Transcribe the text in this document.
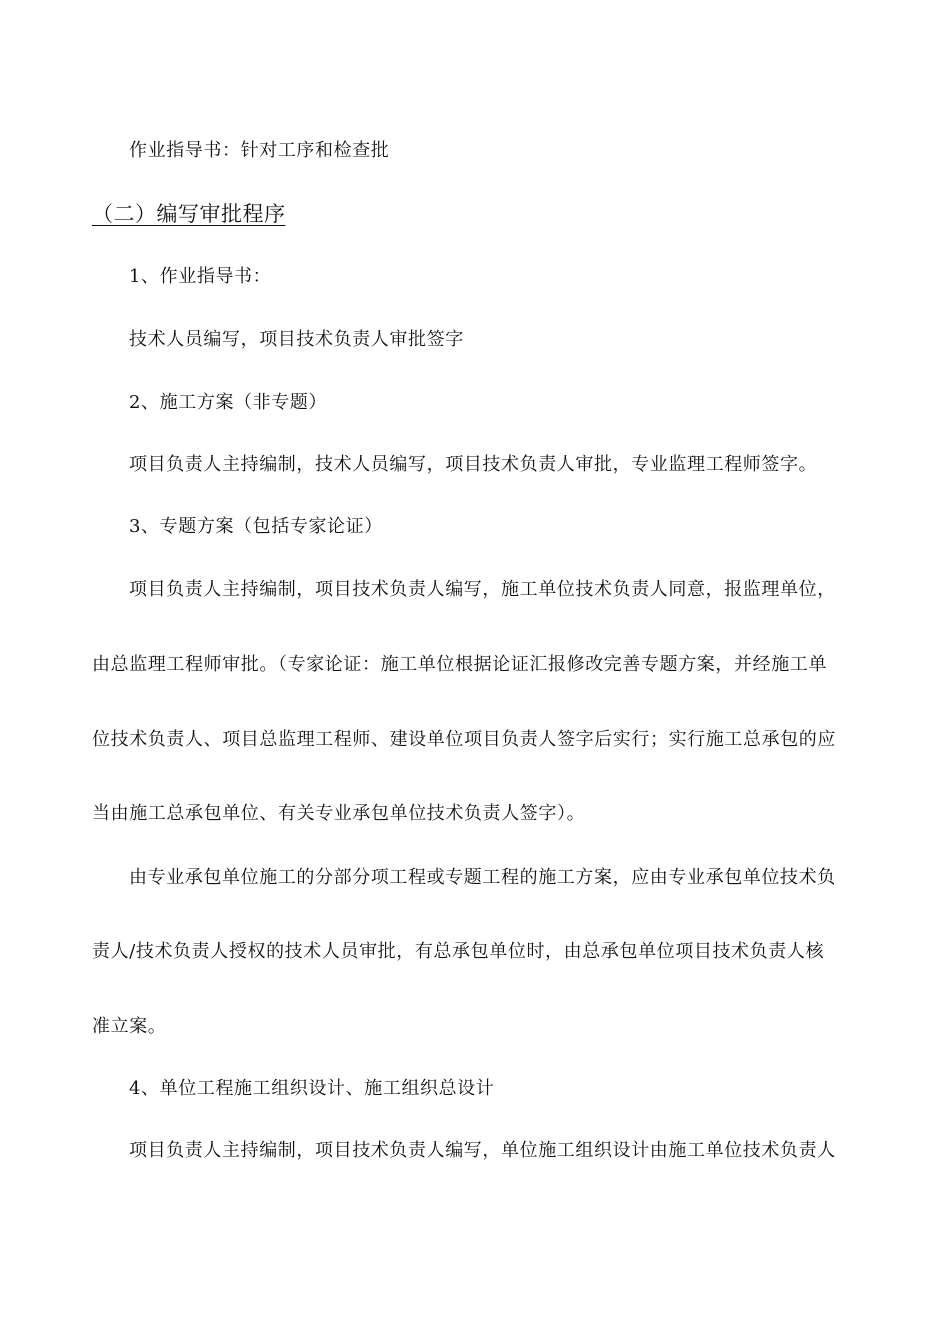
作业指导书：针对工序和检查批
（二）编写审批程序
1、作业指导书：
技术人员编写，项目技术负责人审批签字
2、施工方案（非专题）
项目负责人主持编制，技术人员编写，项目技术负责人审批，专业监理工程师签字。
3、专题方案（包括专家论证）
项目负责人主持编制，项目技术负责人编写，施工单位技术负责人同意，报监理单位，
由总监理工程师审批。（专家论证：施工单位根据论证汇报修改完善专题方案，并经施工单
位技术负责人、项目总监理工程师、建设单位项目负责人签字后实行；实行施工总承包的应
当由施工总承包单位、有关专业承包单位技术负责人签字）。
由专业承包单位施工的分部分项工程或专题工程的施工方案，应由专业承包单位技术负
责人/技术负责人授权的技术人员审批，有总承包单位时，由总承包单位项目技术负责人核
准立案。
4、单位工程施工组织设计、施工组织总设计
项目负责人主持编制，项目技术负责人编写，单位施工组织设计由施工单位技术负责人
